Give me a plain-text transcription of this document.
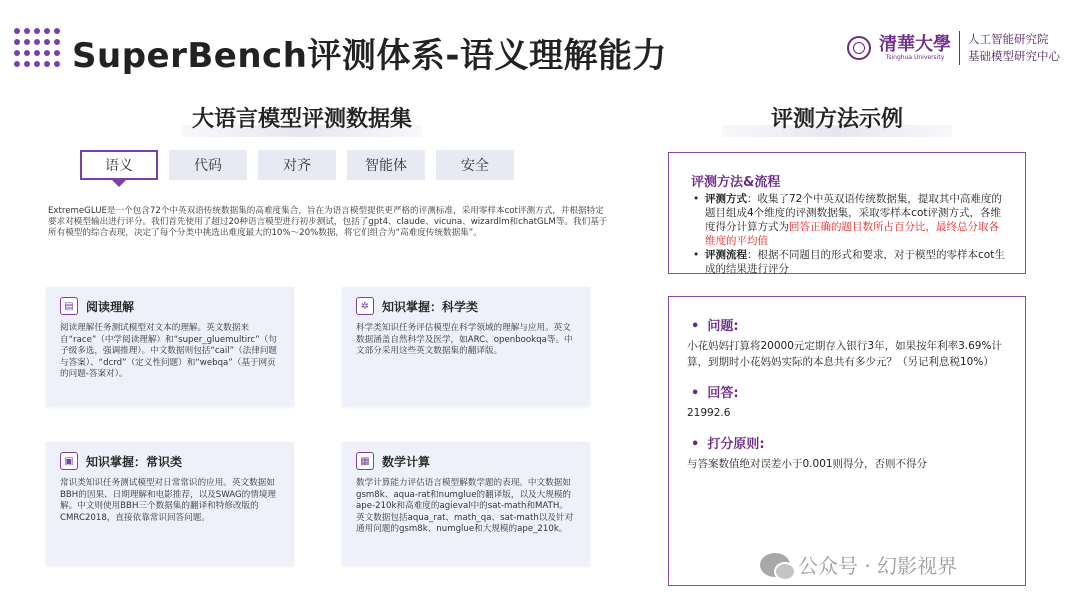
SuperBench评测体系-语义理解能力	清華大學
Tsinghua University
人工智能研究院
基础模型研究中心
大语言模型评测数据集
语义	代码	对齐	智能体	安全
ExtremeGLUE是一个包含72个中英双语传统数据集的高难度集合，旨在为语言模型提供更严格的评测标准，采用零样本cot评测方式，并根据特定要求对模型输出进行评分。我们首先使用了超过20种语言模型进行初步测试，包括了gpt4、claude、vicuna、wizardlm和chatGLM等。我们基于所有模型的综合表现，决定了每个分类中挑选出难度最大的10%～20%数据，将它们组合为“高难度传统数据集”。
▤	阅读理解
阅读理解任务测试模型对文本的理解。英文数据来自“race”（中学阅读理解）和“super_gluemultirc”（句子级多选，强调推理）。中文数据则包括“cail”（法律问题与答案）、“dcrd”（定义性问题）和“webqa”（基于网页的问题-答案对）。
✲	知识掌握：科学类
科学类知识任务评估模型在科学领域的理解与应用。英文数据涵盖自然科学及医学，如ARC、openbookqa等。中文部分采用这些英文数据集的翻译版。
▣	知识掌握：常识类
常识类知识任务测试模型对日常常识的应用。英文数据如BBH的因果、日期理解和电影推荐，以及SWAG的情境理解。中文则使用BBH三个数据集的翻译和特修改版的CMRC2018，直接依靠常识回答问题。
▦	数学计算
数学计算能力评估语言模型解数学题的表现。中文数据如gsm8k、aqua-rat和numglue的翻译版，以及大规模的ape-210k和高难度的agieval中的sat-math和MATH。英文数据包括aqua_rat、math_qa、sat-math以及针对通用问题的gsm8k、numglue和大规模的ape_210k。
评测方法示例
评测方法&流程
• 评测方式：收集了72个中英双语传统数据集，提取其中高难度的题目组成4个维度的评测数据集，采取零样本cot评测方式，各维度得分计算方式为回答正确的题目数所占百分比，最终总分取各维度的平均值
• 评测流程：根据不同题目的形式和要求，对于模型的零样本cot生成的结果进行评分
• 问题:
小花妈妈打算将20000元定期存入银行3年，如果按年利率3.69%计算，到期时小花妈妈实际的本息共有多少元？（另记利息税10%）
• 回答:
21992.6
• 打分原则:
与答案数值绝对误差小于0.001则得分，否则不得分
公众号 · 幻影视界
